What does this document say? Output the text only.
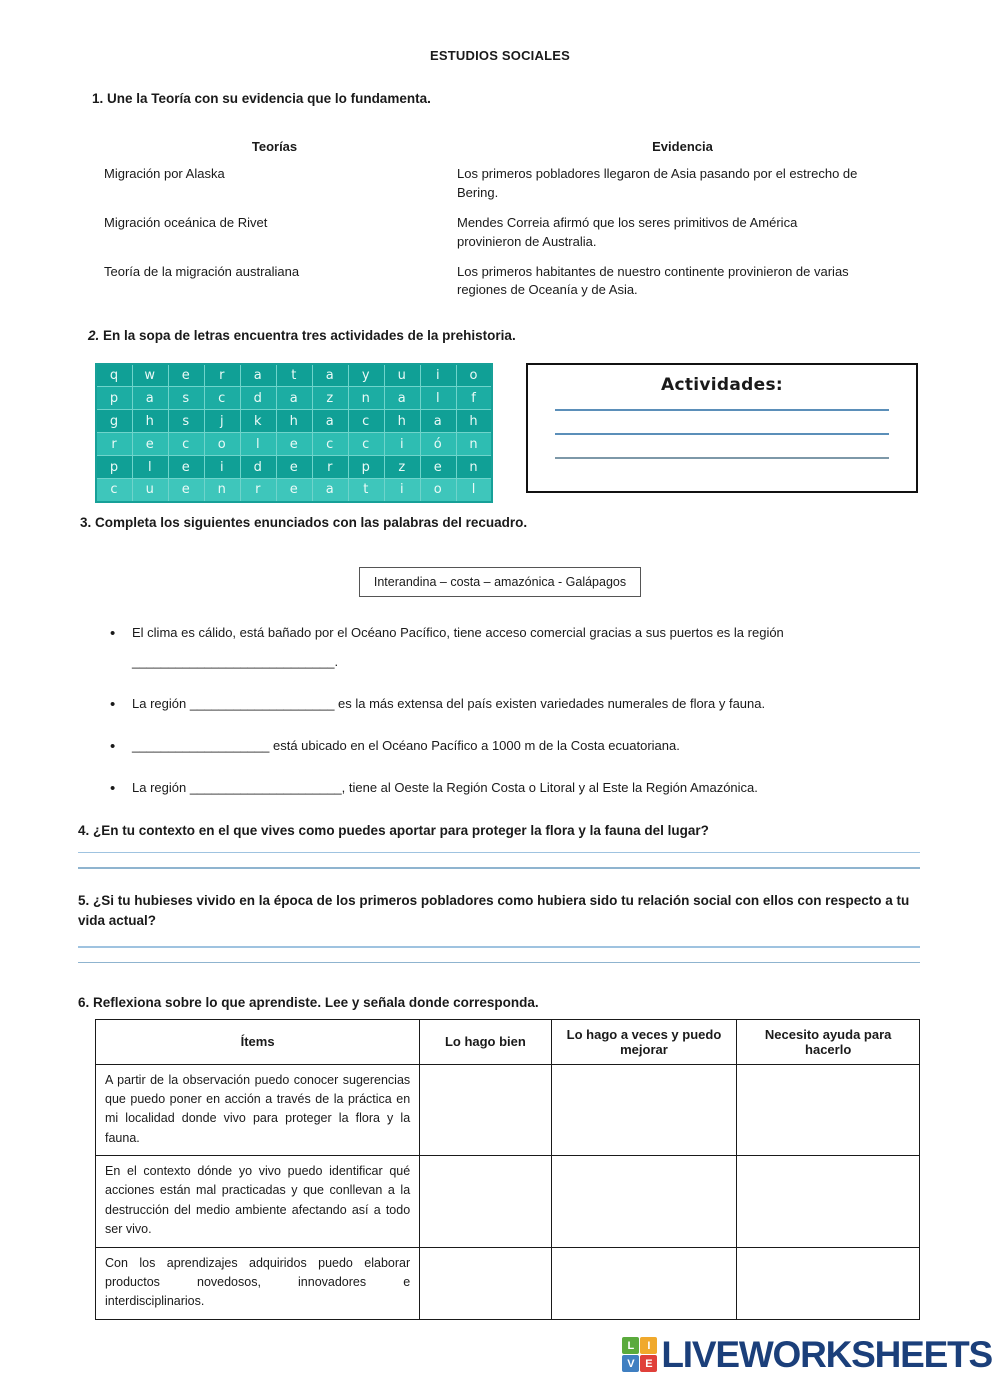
ESTUDIOS SOCIALES
1. Une la Teoría con su evidencia que lo fundamenta.
Teorías	Evidencia
Migración por Alaska	Los primeros pobladores llegaron de Asia pasando por el estrecho de
Bering.
Migración oceánica de Rivet	Mendes Correia afirmó que los seres primitivos de América
provinieron de Australia.
Teoría de la migración australiana	Los primeros habitantes de nuestro continente provinieron de varias
regiones de Oceanía y de Asia.
2. En la sopa de letras encuentra tres actividades de la prehistoria.
q	w	e	r	a	t	a	y	u	i	o
p	a	s	c	d	a	z	n	a	l	f
g	h	s	j	k	h	a	c	h	a	h
r	e	c	o	l	e	c	c	i	ó	n
p	l	e	i	d	e	r	p	z	e	n
c	u	e	n	r	e	a	t	i	o	l
Actividades:
3. Completa los siguientes enunciados con las palabras del recuadro.
Interandina – costa – amazónica - Galápagos
• El clima es cálido, está bañado por el Océano Pacífico, tiene acceso comercial gracias a sus puertos es la región
____________________________.
• La región ____________________ es la más extensa del país existen variedades numerales de flora y fauna.
• ___________________ está ubicado en el Océano Pacífico a 1000 m de la Costa ecuatoriana.
• La región _____________________, tiene al Oeste la Región Costa o Litoral y al Este la Región Amazónica.
4. ¿En tu contexto en el que vives como puedes aportar para proteger la flora y la fauna del lugar?
5. ¿Si tu hubieses vivido en la época de los primeros pobladores como hubiera sido tu relación social con ellos con respecto a tu vida actual?
6. Reflexiona sobre lo que aprendiste. Lee y señala donde corresponda.
Ítems	Lo hago bien	Lo hago a veces y puedo mejorar	Necesito ayuda para hacerlo
A partir de la observación puedo conocer sugerencias que puedo poner en acción a través de la práctica en mi localidad donde vivo para proteger la flora y la fauna.			
En el contexto dónde yo vivo puedo identificar qué acciones están mal practicadas y que conllevan a la destrucción del medio ambiente afectando así a todo ser vivo.			
Con los aprendizajes adquiridos puedo elaborar productos novedosos, innovadores e interdisciplinarios.			
L	I
V E LIVEWORKSHEETS
